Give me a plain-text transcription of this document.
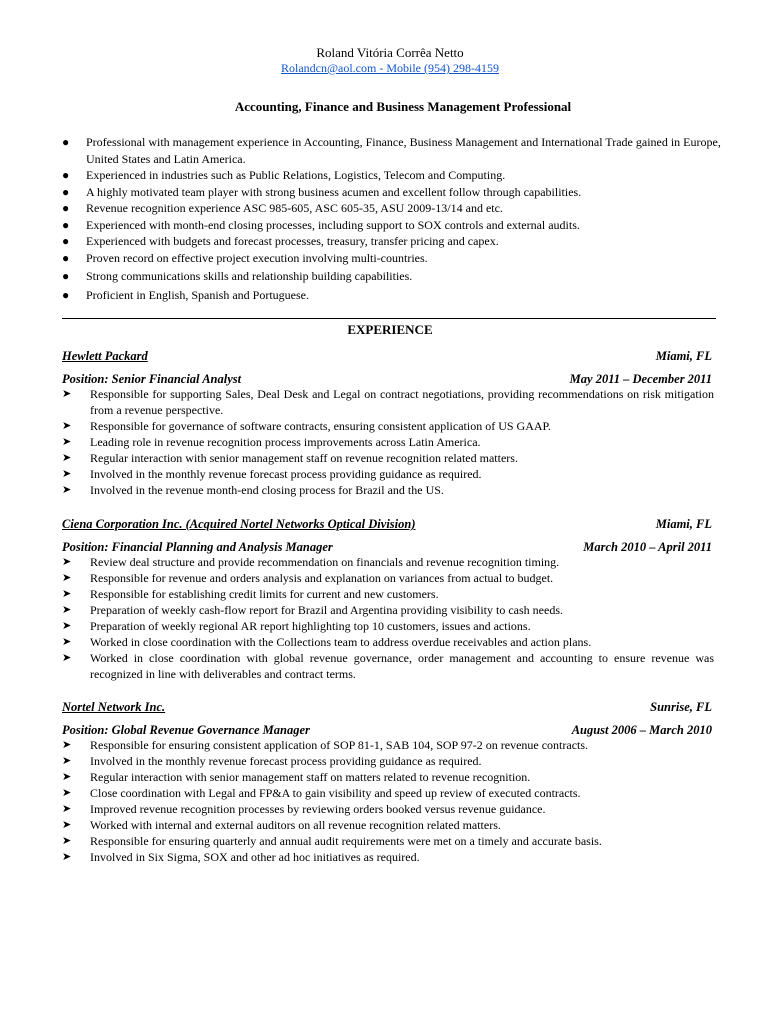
Roland Vitória Corrêa Netto
Rolandcn@aol.com - Mobile (954) 298-4159
Accounting, Finance and Business Management Professional
● Professional with management experience in Accounting, Finance, Business Management and International Trade gained in Europe, United States and Latin America.
● Experienced in industries such as Public Relations, Logistics, Telecom and Computing.
● A highly motivated team player with strong business acumen and excellent follow through capabilities.
● Revenue recognition experience ASC 985-605, ASC 605-35, ASU 2009-13/14 and etc.
● Experienced with month-end closing processes, including support to SOX controls and external audits.
● Experienced with budgets and forecast processes, treasury, transfer pricing and capex.
● Proven record on effective project execution involving multi-countries.
● Strong communications skills and relationship building capabilities.
● Proficient in English, Spanish and Portuguese.
EXPERIENCE
Hewlett Packard	Miami, FL
Position: Senior Financial Analyst	May 2011 – December 2011
➤ Responsible for supporting Sales, Deal Desk and Legal on contract negotiations, providing recommendations on risk mitigation from a revenue perspective.
➤ Responsible for governance of software contracts, ensuring consistent application of US GAAP.
➤ Leading role in revenue recognition process improvements across Latin America.
➤ Regular interaction with senior management staff on revenue recognition related matters.
➤ Involved in the monthly revenue forecast process providing guidance as required.
➤ Involved in the revenue month-end closing process for Brazil and the US.
Ciena Corporation Inc. (Acquired Nortel Networks Optical Division)	Miami, FL
Position: Financial Planning and Analysis Manager	March 2010 – April 2011
➤ Review deal structure and provide recommendation on financials and revenue recognition timing.
➤ Responsible for revenue and orders analysis and explanation on variances from actual to budget.
➤ Responsible for establishing credit limits for current and new customers.
➤ Preparation of weekly cash-flow report for Brazil and Argentina providing visibility to cash needs.
➤ Preparation of weekly regional AR report highlighting top 10 customers, issues and actions.
➤ Worked in close coordination with the Collections team to address overdue receivables and action plans.
➤ Worked in close coordination with global revenue governance, order management and accounting to ensure revenue was recognized in line with deliverables and contract terms.
Nortel Network Inc.	Sunrise, FL
Position: Global Revenue Governance Manager	August 2006 – March 2010
➤ Responsible for ensuring consistent application of SOP 81-1, SAB 104, SOP 97-2 on revenue contracts.
➤ Involved in the monthly revenue forecast process providing guidance as required.
➤ Regular interaction with senior management staff on matters related to revenue recognition.
➤ Close coordination with Legal and FP&A to gain visibility and speed up review of executed contracts.
➤ Improved revenue recognition processes by reviewing orders booked versus revenue guidance.
➤ Worked with internal and external auditors on all revenue recognition related matters.
➤ Responsible for ensuring quarterly and annual audit requirements were met on a timely and accurate basis.
➤ Involved in Six Sigma, SOX and other ad hoc initiatives as required.
